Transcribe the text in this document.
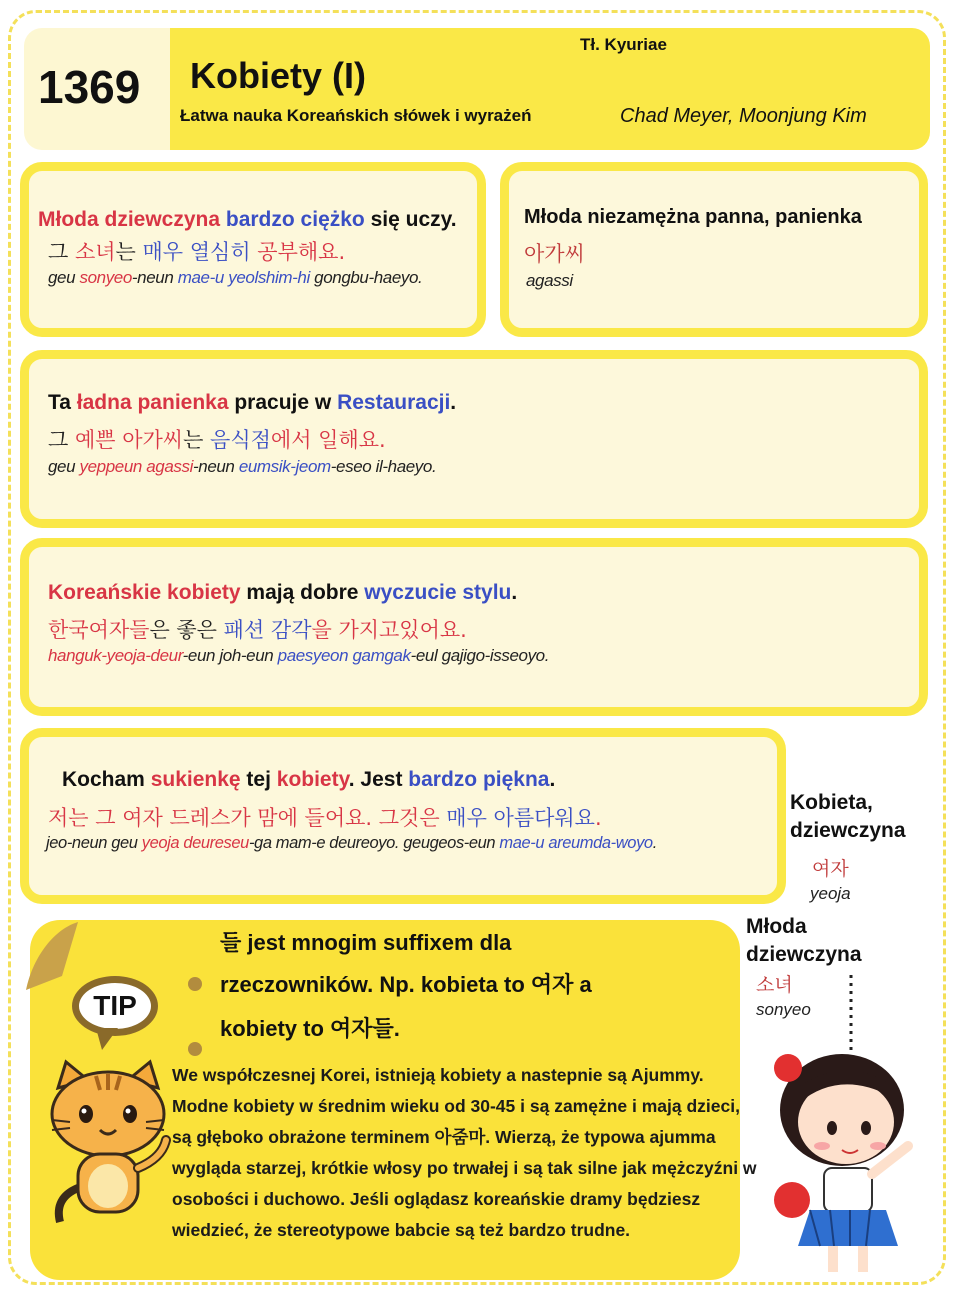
1369 Kobiety (I)
Łatwa nauka Koreańskich słówek i wyrażeń
Tł. Kyuriae
Chad Meyer, Moonjung Kim
Młoda dziewczyna bardzo ciężko się uczy.
그 소녀는 매우 열심히 공부해요.
geu sonyeo-neun mae-u yeolshim-hi gongbu-haeyo.
Młoda niezamężna panna, panienka
아가씨
agassi
Ta ładna panienka pracuje w Restauracji.
그 예쁜 아가씨는 음식점에서 일해요.
geu yeppeun agassi-neun eumsik-jeom-eseo il-haeyo.
Koreańskie kobiety mają dobre wyczucie stylu.
한국여자들은 좋은 패션 감각을 가지고있어요.
hanguk-yeoja-deur-eun joh-eun paesyeon gamgak-eul gajigo-isseoyo.
Kocham sukienkę tej kobiety. Jest bardzo piękna.
저는 그 여자 드레스가 맘에 들어요. 그것은 매우 아름다워요.
jeo-neun geu yeoja deureseu-ga mam-e deureoyo. geugeos-eun mae-u areumda-woyo.
Kobieta, dziewczyna
여자
yeoja
Młoda dziewczyna
소녀
sonyeo
들 jest mnogim suffixem dla
rzeczowników. Np. kobieta to 여자 a
kobiety to 여자들.
TIP
We współczesnej Korei, istnieją kobiety a nastepnie są Ajummy. Modne kobiety w średnim wieku od 30-45 i są zamężne i mają dzieci, są głęboko obrażone terminem 아줌마. Wierzą, że typowa ajumma wygląda starzej, krótkie włosy po trwałej i są tak silne jak mężczyźni w osobości i duchowo. Jeśli oglądasz koreańskie dramy będziesz wiedzieć, że stereotypowe babcie są też bardzo trudne.
